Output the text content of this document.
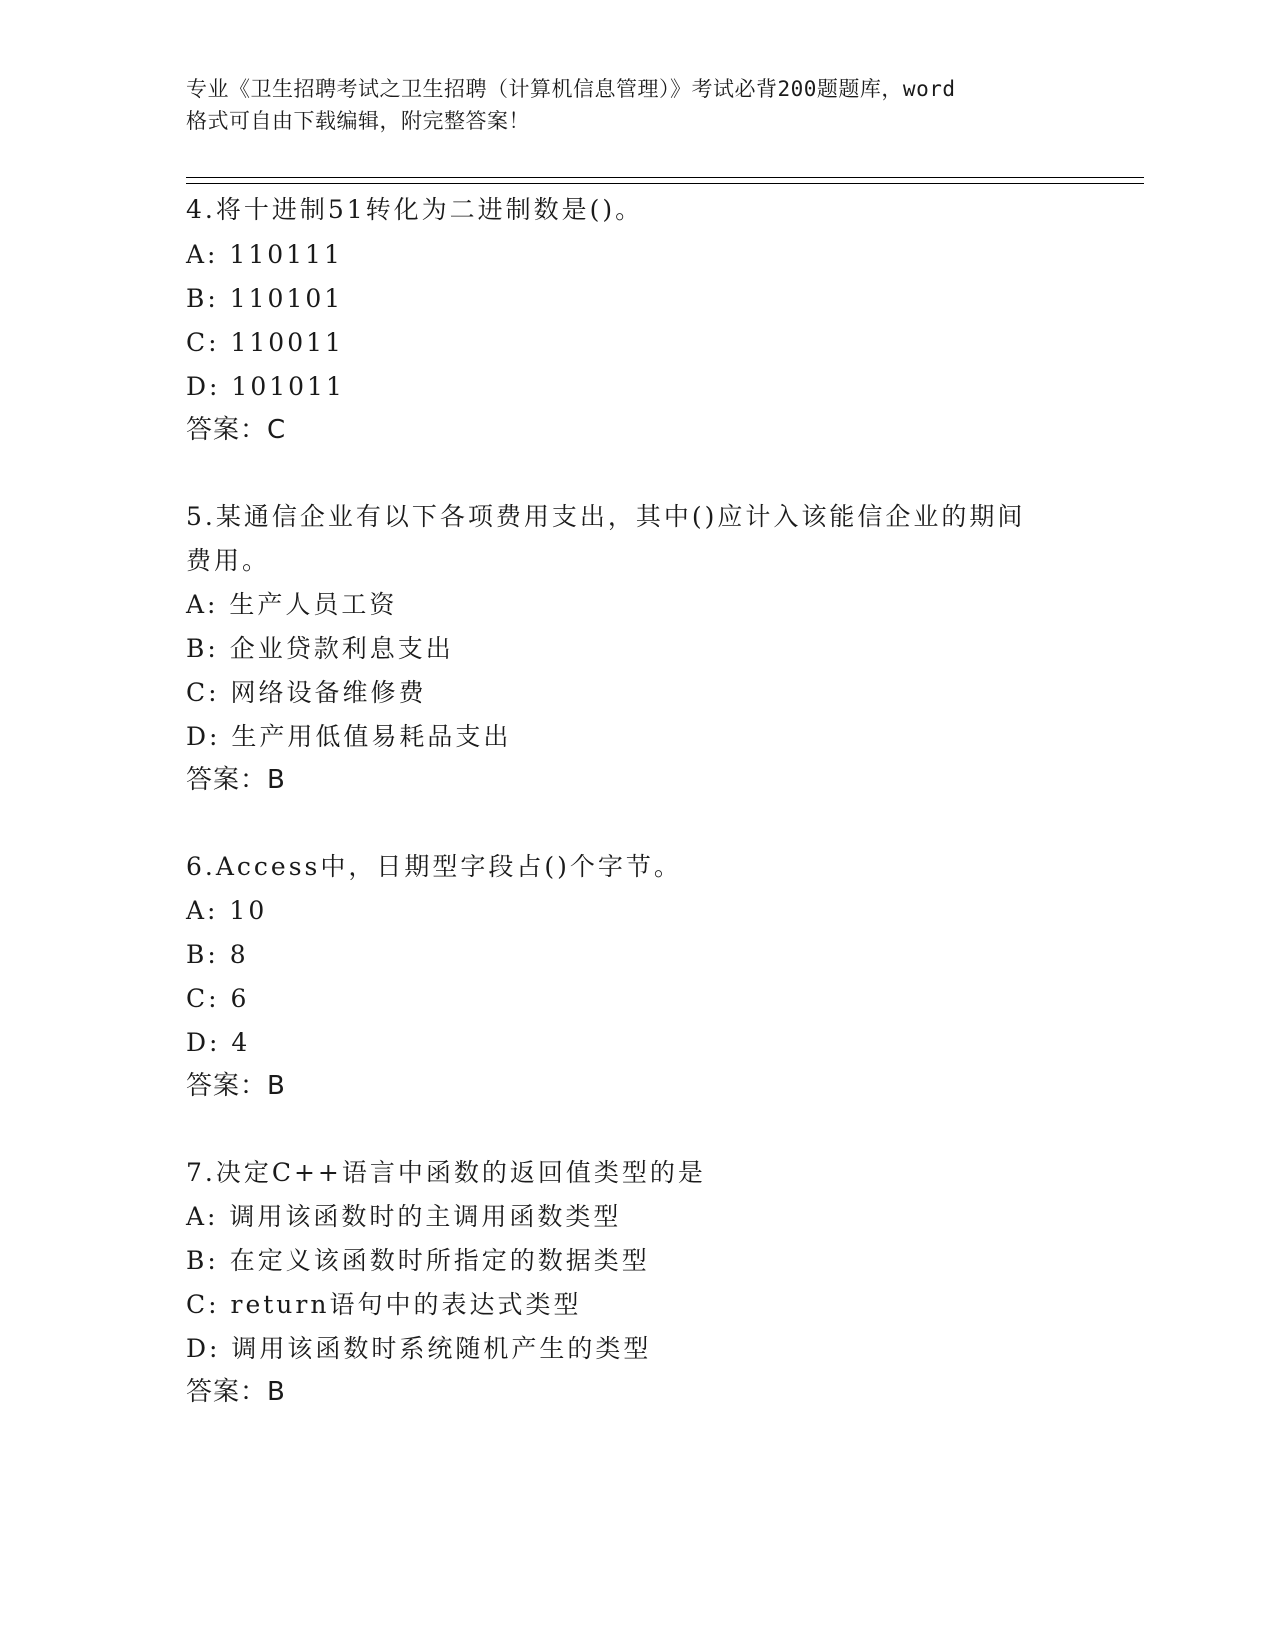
专业《卫生招聘考试之卫生招聘（计算机信息管理）》考试必背200题题库，word
格式可自由下载编辑，附完整答案！
4.将十进制51转化为二进制数是()。
A: 110111
B: 110101
C: 110011
D: 101011
答案：C
5.某通信企业有以下各项费用支出，其中()应计入该能信企业的期间
费用。
A: 生产人员工资
B: 企业贷款利息支出
C: 网络设备维修费
D: 生产用低值易耗品支出
答案：B
6.Access中，日期型字段占()个字节。
A: 10
B: 8
C: 6
D: 4
答案：B
7.决定C++语言中函数的返回值类型的是
A: 调用该函数时的主调用函数类型
B: 在定义该函数时所指定的数据类型
C: return语句中的表达式类型
D: 调用该函数时系统随机产生的类型
答案：B
